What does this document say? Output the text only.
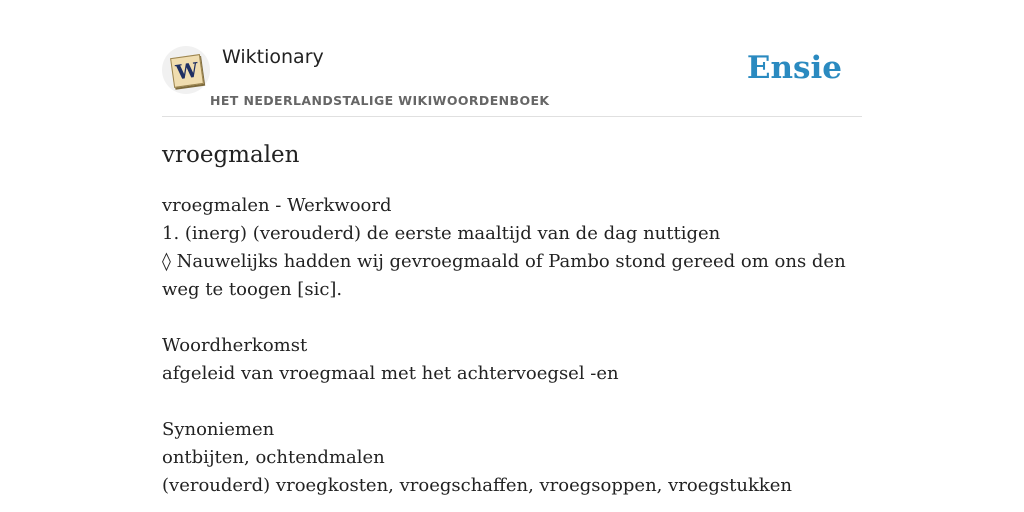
W
Wiktionary
HET NEDERLANDSTALIGE WIKIWOORDENBOEK
Ensie
vroegmalen
vroegmalen - Werkwoord
1. (inerg) (verouderd) de eerste maaltijd van de dag nuttigen
◊ Nauwelijks hadden wij gevroegmaald of Pambo stond gereed om ons den weg te toogen [sic].
Woordherkomst
afgeleid van vroegmaal met het achtervoegsel -en
Synoniemen
ontbijten, ochtendmalen
(verouderd) vroegkosten, vroegschaffen, vroegsoppen, vroegstukken
